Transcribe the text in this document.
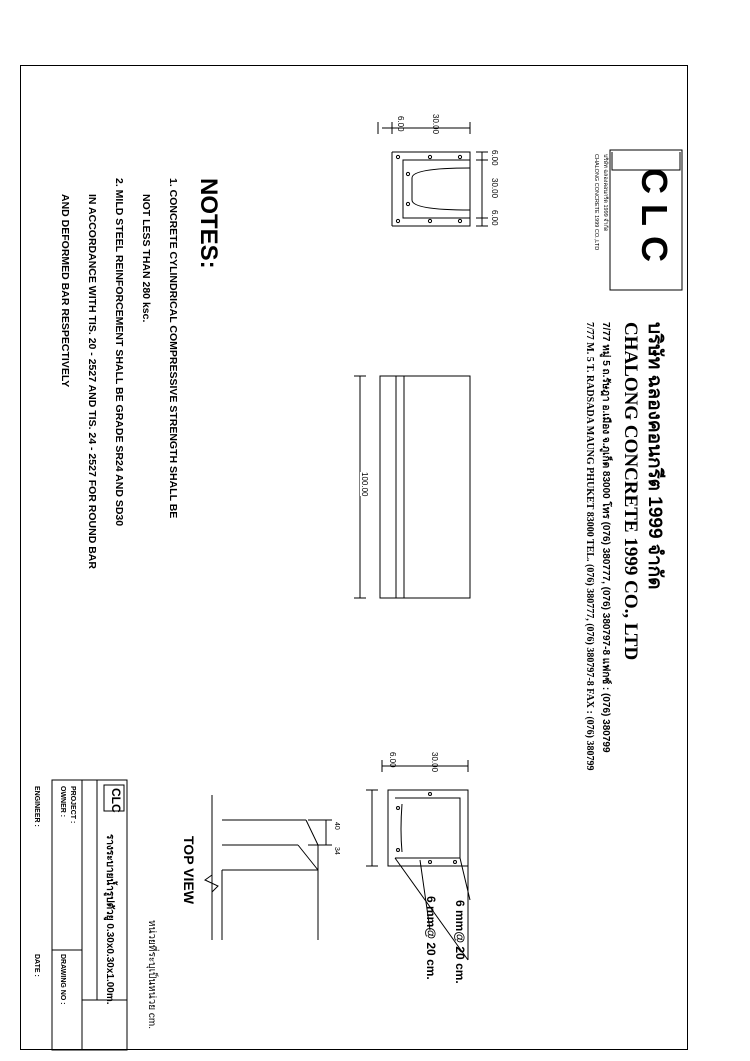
CLC
บริษัท ฉลองคอนกรีต 1999 จำกัด
CHALONG CONCRETE 1999 CO.,LTD
บริษัท ฉลองคอนกรีต 1999 จำกัด
CHALONG CONCRETE 1999 CO., LTD
7/77 หมู่ 5 ถ.รัษฎา อ.เมือง จ.ภูเก็ต 83000 โทร (076) 380777, (076) 380797-8 แฟกซ์ : (076) 380799
7/77 M. 5 T. RADSADA MAUNG PHUKET 83000 TEL. (076) 380777, (076) 380797-8 FAX : (076) 380799
NOTES:
1. CONCRETE CYLINDRICAL COMPRESSIVE STRENGTH SHALL BE
NOT LESS THAN 280 ksc.
2. MILD STEEL REINFORCEMENT SHALL BE GRADE SR24 AND SD30
IN ACCORDANCE WITH TIS. 20 - 2527 AND TIS. 24 - 2527 FOR ROUND BAR
AND DEFORMED BAR RESPECTIVELY
30.00
6.00
6.00
30.00
6.00
100.00
30.00
6.00
6 mm@ 20 cm.
6 mm@ 20 cm.
TOP VIEW
40
34
หน่วยที่ระบุเป็นหน่วย cm.
CLC
รางระบายน้ำรูปตัวยู 0.30x0.30x1.00m.
PROJECT :
OWNER :
ENGINEER :
DRAWING NO :
DATE :
